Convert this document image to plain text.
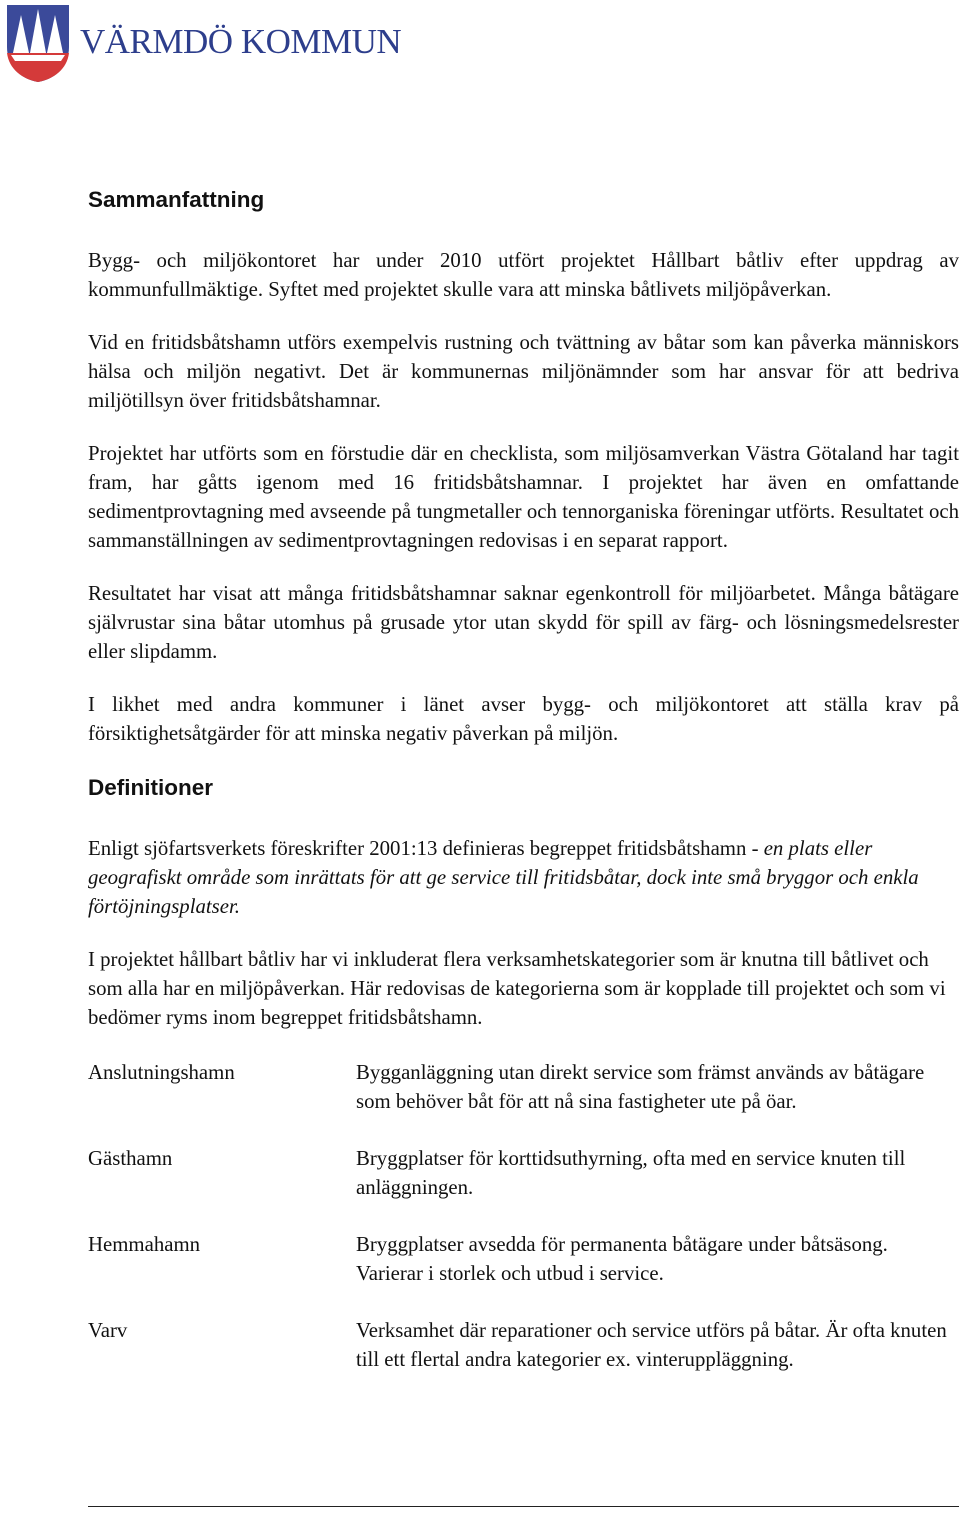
VÄRMDÖ KOMMUN
Sammanfattning

Bygg- och miljökontoret har under 2010 utfört projektet Hållbart båtliv efter uppdrag av kommunfullmäktige. Syftet med projektet skulle vara att minska båtlivets miljöpåverkan.

Vid en fritidsbåtshamn utförs exempelvis rustning och tvättning av båtar som kan påverka människors hälsa och miljön negativt. Det är kommunernas miljönämnder som har ansvar för att bedriva miljötillsyn över fritidsbåtshamnar.

Projektet har utförts som en förstudie där en checklista, som miljösamverkan Västra Götaland har tagit fram, har gåtts igenom med 16 fritidsbåtshamnar. I projektet har även en omfattande sedimentprovtagning med avseende på tungmetaller och tennorganiska föreningar utförts. Resultatet och sammanställningen av sedimentprovtagningen redovisas i en separat rapport.

Resultatet har visat att många fritidsbåtshamnar saknar egenkontroll för miljöarbetet. Många båtägare självrustar sina båtar utomhus på grusade ytor utan skydd för spill av färg- och lösningsmedelsrester eller slipdamm.

I likhet med andra kommuner i länet avser bygg- och miljökontoret att ställa krav på försiktighetsåtgärder för att minska negativ påverkan på miljön.

Definitioner

Enligt sjöfartsverkets föreskrifter 2001:13 definieras begreppet fritidsbåtshamn - en plats eller geografiskt område som inrättats för att ge service till fritidsbåtar, dock inte små bryggor och enkla förtöjningsplatser.

I projektet hållbart båtliv har vi inkluderat flera verksamhetskategorier som är knutna till båtlivet och som alla har en miljöpåverkan. Här redovisas de kategorierna som är kopplade till projektet och som vi bedömer ryms inom begreppet fritidsbåtshamn.

Anslutningshamn	Bygganläggning utan direkt service som främst används av båtägare som behöver båt för att nå sina fastigheter ute på öar.
Gästhamn	Bryggplatser för korttidsuthyrning, ofta med en service knuten till anläggningen.
Hemmahamn	Bryggplatser avsedda för permanenta båtägare under båtsäsong. Varierar i storlek och utbud i service.
Varv	Verksamhet där reparationer och service utförs på båtar. Är ofta knuten till ett flertal andra kategorier ex. vinteruppläggning.
